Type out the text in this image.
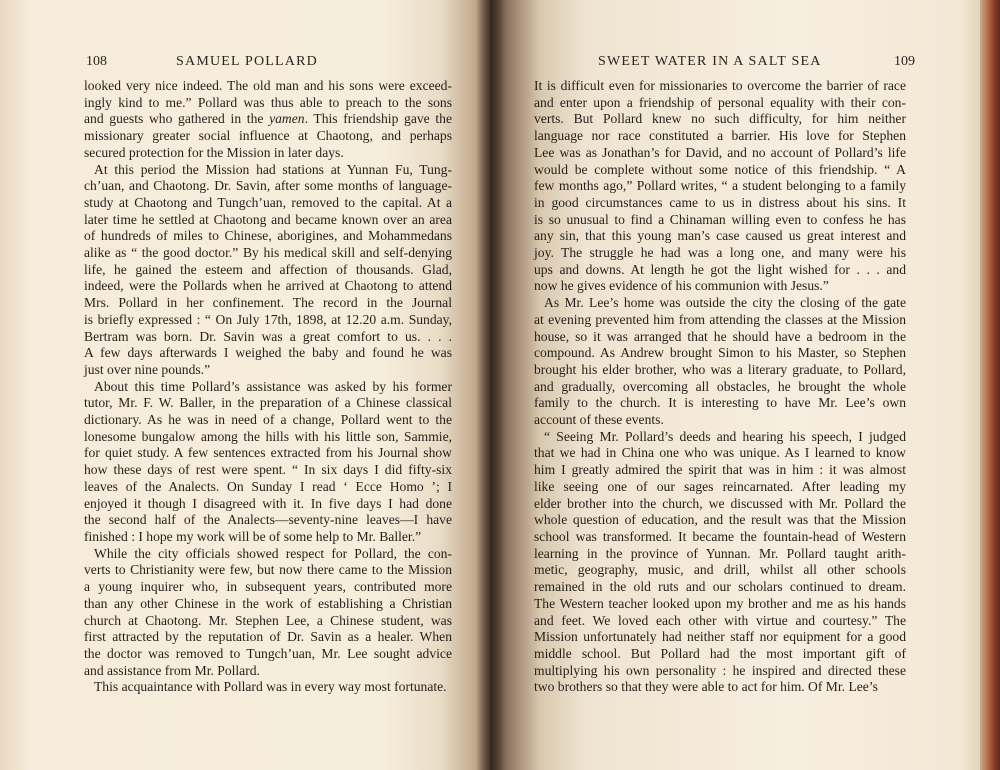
108	SAMUEL POLLARD
looked very nice indeed. The old man and his sons were exceed-
ingly kind to me.” Pollard was thus able to preach to the sons
and guests who gathered in the yamen. This friendship gave the
missionary greater social influence at Chaotong, and perhaps
secured protection for the Mission in later days.
At this period the Mission had stations at Yunnan Fu, Tung-
ch’uan, and Chaotong. Dr. Savin, after some months of language-
study at Chaotong and Tungch’uan, removed to the capital. At a
later time he settled at Chaotong and became known over an area
of hundreds of miles to Chinese, aborigines, and Mohammedans
alike as “ the good doctor.” By his medical skill and self-denying
life, he gained the esteem and affection of thousands. Glad,
indeed, were the Pollards when he arrived at Chaotong to attend
Mrs. Pollard in her confinement. The record in the Journal
is briefly expressed : “ On July 17th, 1898, at 12.20 a.m. Sunday,
Bertram was born. Dr. Savin was a great comfort to us. . . .
A few days afterwards I weighed the baby and found he was
just over nine pounds.”
About this time Pollard’s assistance was asked by his former
tutor, Mr. F. W. Baller, in the preparation of a Chinese classical
dictionary. As he was in need of a change, Pollard went to the
lonesome bungalow among the hills with his little son, Sammie,
for quiet study. A few sentences extracted from his Journal show
how these days of rest were spent. “ In six days I did fifty-six
leaves of the Analects. On Sunday I read ‘ Ecce Homo ’; I
enjoyed it though I disagreed with it. In five days I had done
the second half of the Analects—seventy-nine leaves—I have
finished : I hope my work will be of some help to Mr. Baller.”
While the city officials showed respect for Pollard, the con-
verts to Christianity were few, but now there came to the Mission
a young inquirer who, in subsequent years, contributed more
than any other Chinese in the work of establishing a Christian
church at Chaotong. Mr. Stephen Lee, a Chinese student, was
first attracted by the reputation of Dr. Savin as a healer. When
the doctor was removed to Tungch’uan, Mr. Lee sought advice
and assistance from Mr. Pollard.
This acquaintance with Pollard was in every way most fortunate.
SWEET WATER IN A SALT SEA	109
It is difficult even for missionaries to overcome the barrier of race
and enter upon a friendship of personal equality with their con-
verts. But Pollard knew no such difficulty, for him neither
language nor race constituted a barrier. His love for Stephen
Lee was as Jonathan’s for David, and no account of Pollard’s life
would be complete without some notice of this friendship. “ A
few months ago,” Pollard writes, “ a student belonging to a family
in good circumstances came to us in distress about his sins. It
is so unusual to find a Chinaman willing even to confess he has
any sin, that this young man’s case caused us great interest and
joy. The struggle he had was a long one, and many were his
ups and downs. At length he got the light wished for . . . and
now he gives evidence of his communion with Jesus.”
As Mr. Lee’s home was outside the city the closing of the gate
at evening prevented him from attending the classes at the Mission
house, so it was arranged that he should have a bedroom in the
compound. As Andrew brought Simon to his Master, so Stephen
brought his elder brother, who was a literary graduate, to Pollard,
and gradually, overcoming all obstacles, he brought the whole
family to the church. It is interesting to have Mr. Lee’s own
account of these events.
“ Seeing Mr. Pollard’s deeds and hearing his speech, I judged
that we had in China one who was unique. As I learned to know
him I greatly admired the spirit that was in him : it was almost
like seeing one of our sages reincarnated. After leading my
elder brother into the church, we discussed with Mr. Pollard the
whole question of education, and the result was that the Mission
school was transformed. It became the fountain-head of Western
learning in the province of Yunnan. Mr. Pollard taught arith-
metic, geography, music, and drill, whilst all other schools
remained in the old ruts and our scholars continued to dream.
The Western teacher looked upon my brother and me as his hands
and feet. We loved each other with virtue and courtesy.” The
Mission unfortunately had neither staff nor equipment for a good
middle school. But Pollard had the most important gift of
multiplying his own personality : he inspired and directed these
two brothers so that they were able to act for him. Of Mr. Lee’s
